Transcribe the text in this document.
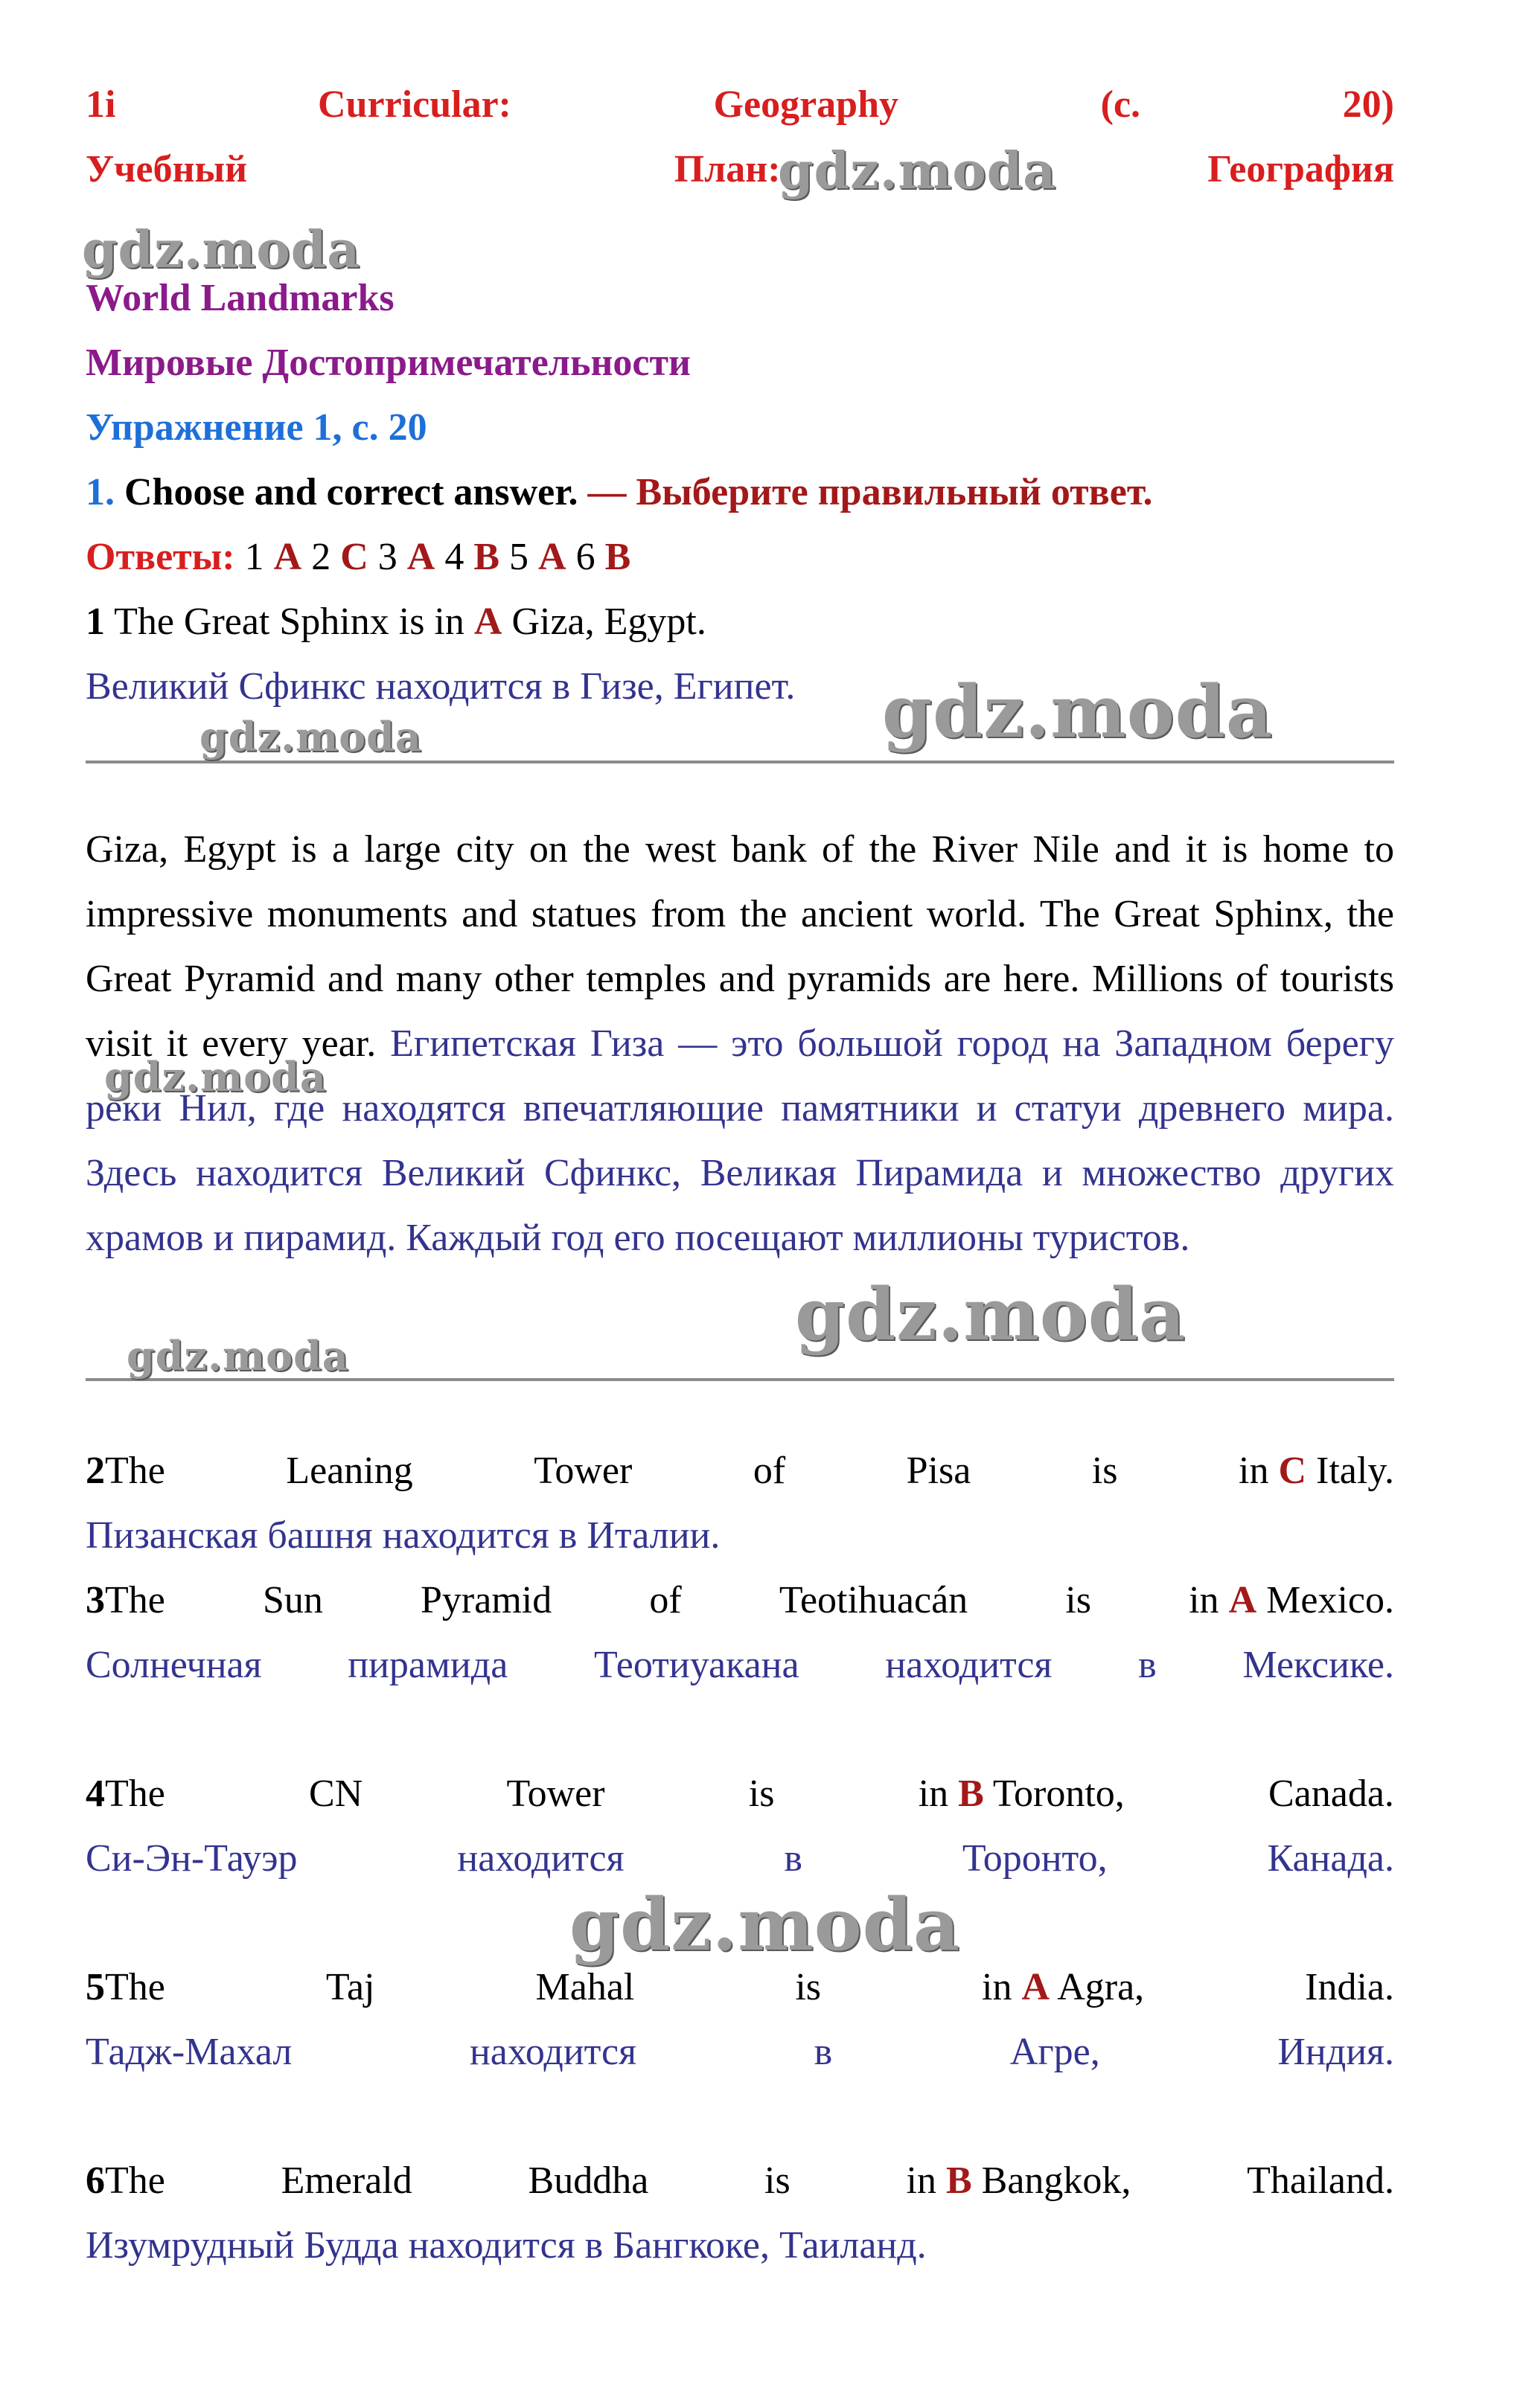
1i	Curricular:	Geography	(c.	20)
Учебный	План:	География
World Landmarks
Мировые Достопримечательности
Упражнение 1, с. 20
1. Choose and correct answer. — Выберите правильный ответ.
Ответы: 1 A 2 C 3 A 4 B 5 A 6 B
1 The Great Sphinx is in A Giza, Egypt.
Великий Сфинкс находится в Гизе, Египет.

Giza, Egypt is a large city on the west bank of the River Nile and it is home to impressive monuments and statues from the ancient world. The Great Sphinx, the Great Pyramid and many other temples and pyramids are here. Millions of tourists visit it every year. Египетская Гиза — это большой город на Западном берегу реки Нил, где находятся впечатляющие памятники и статуи древнего мира. Здесь находится Великий Сфинкс, Великая Пирамида и множество других храмов и пирамид. Каждый год его посещают миллионы туристов.

2The	Leaning	Tower	of	Pisa	is	in C Italy.
Пизанская башня находится в Италии.
3The	Sun	Pyramid	of	Teotihuacán	is	in A Mexico.
Солнечная пирамида Теотиуакана находится в Мексике.
4The	CN	Tower	is	in B Toronto,	Canada.
Си-Эн-Тауэр	находится	в	Торонто,	Канада.
5The	Taj	Mahal	is	in A Agra,	India.
Тадж-Махал	находится	в	Агре,	Индия.
6The	Emerald	Buddha	is	in B Bangkok,	Thailand.
Изумрудный Будда находится в Бангкоке, Таиланд.
gdz.moda
gdz.moda
gdz.moda
gdz.moda
gdz.moda
gdz.moda
gdz.moda
gdz.moda
